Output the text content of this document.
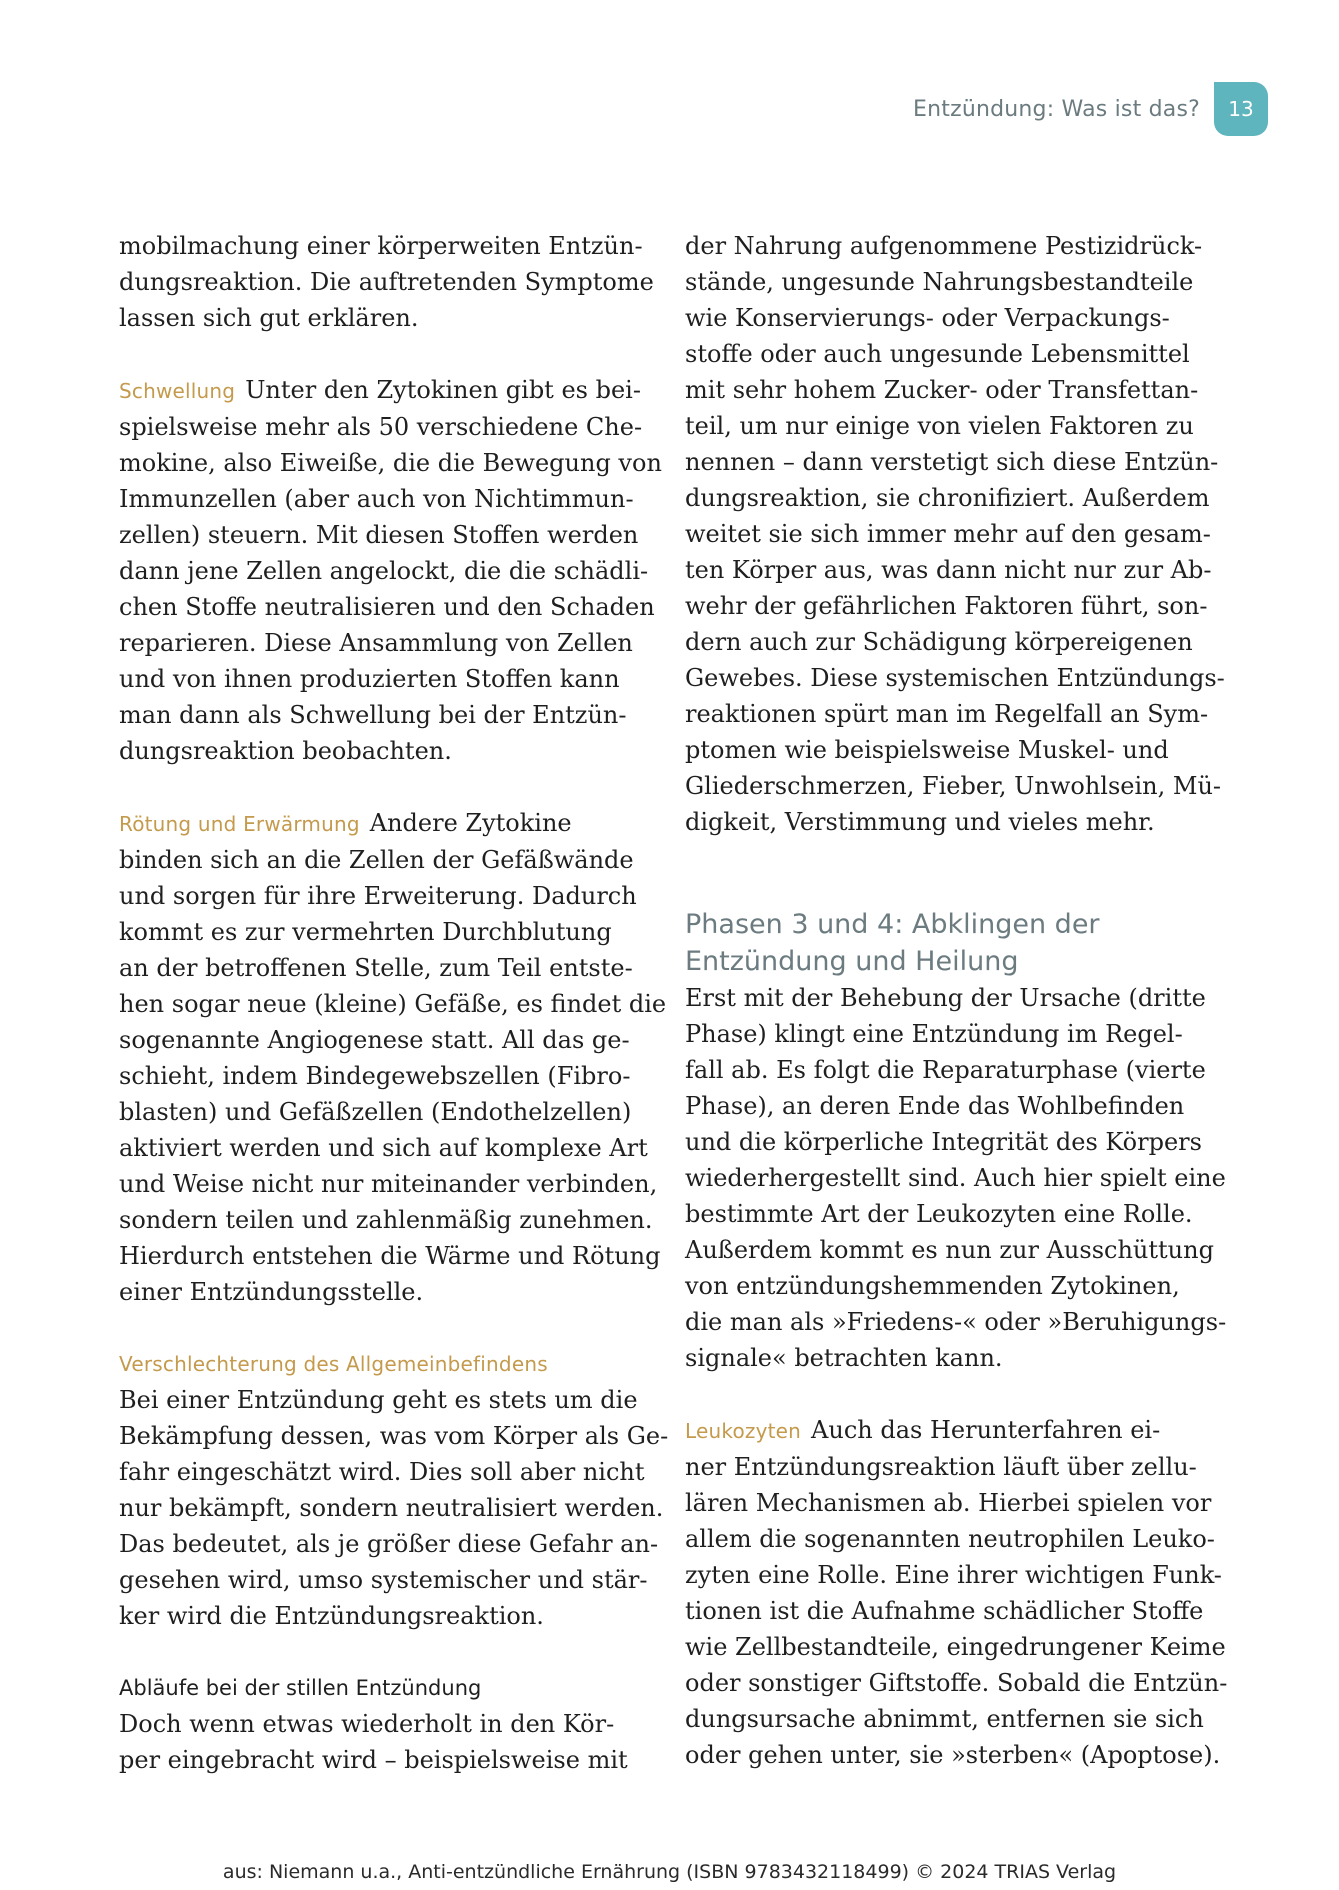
Entzündung: Was ist das?	13
mobilmachung einer körperweiten Entzün-
dungsreaktion. Die auftretenden Symptome
lassen sich gut erklären.
Schwellung Unter den Zytokinen gibt es bei-
spielsweise mehr als 50 verschiedene Che-
mokine, also Eiweiße, die die Bewegung von
Immunzellen (aber auch von Nichtimmun-
zellen) steuern. Mit diesen Stoffen werden
dann jene Zellen angelockt, die die schädli-
chen Stoffe neutralisieren und den Schaden
reparieren. Diese Ansammlung von Zellen
und von ihnen produzierten Stoffen kann
man dann als Schwellung bei der Entzün-
dungsreaktion beobachten.
Rötung und Erwärmung Andere Zytokine
binden sich an die Zellen der Gefäßwände
und sorgen für ihre Erweiterung. Dadurch
kommt es zur vermehrten Durchblutung
an der betroffenen Stelle, zum Teil entste-
hen sogar neue (kleine) Gefäße, es findet die
sogenannte Angiogenese statt. All das ge-
schieht, indem Bindegewebszellen (Fibro-
blasten) und Gefäßzellen (Endothelzellen)
aktiviert werden und sich auf komplexe Art
und Weise nicht nur miteinander verbinden,
sondern teilen und zahlenmäßig zunehmen.
Hierdurch entstehen die Wärme und Rötung
einer Entzündungsstelle.
Verschlechterung des Allgemeinbefindens
Bei einer Entzündung geht es stets um die
Bekämpfung dessen, was vom Körper als Ge-
fahr eingeschätzt wird. Dies soll aber nicht
nur bekämpft, sondern neutralisiert werden.
Das bedeutet, als je größer diese Gefahr an-
gesehen wird, umso systemischer und stär-
ker wird die Entzündungsreaktion.
Abläufe bei der stillen Entzündung
Doch wenn etwas wiederholt in den Kör-
per eingebracht wird – beispielsweise mit
der Nahrung aufgenommene Pestizidrück-
stände, ungesunde Nahrungsbestandteile
wie Konservierungs- oder Verpackungs-
stoffe oder auch ungesunde Lebensmittel
mit sehr hohem Zucker- oder Transfettan-
teil, um nur einige von vielen Faktoren zu
nennen – dann verstetigt sich diese Entzün-
dungsreaktion, sie chronifiziert. Außerdem
weitet sie sich immer mehr auf den gesam-
ten Körper aus, was dann nicht nur zur Ab-
wehr der gefährlichen Faktoren führt, son-
dern auch zur Schädigung körpereigenen
Gewebes. Diese systemischen Entzündungs-
reaktionen spürt man im Regelfall an Sym-
ptomen wie beispielsweise Muskel- und
Gliederschmerzen, Fieber, Unwohlsein, Mü-
digkeit, Verstimmung und vieles mehr.
Phasen 3 und 4: Abklingen der
Entzündung und Heilung
Erst mit der Behebung der Ursache (dritte
Phase) klingt eine Entzündung im Regel-
fall ab. Es folgt die Reparaturphase (vierte
Phase), an deren Ende das Wohlbefinden
und die körperliche Integrität des Körpers
wiederhergestellt sind. Auch hier spielt eine
bestimmte Art der Leukozyten eine Rolle.
Außerdem kommt es nun zur Ausschüttung
von entzündungshemmenden Zytokinen,
die man als »Friedens-« oder »Beruhigungs-
signale« betrachten kann.
Leukozyten Auch das Herunterfahren ei-
ner Entzündungsreaktion läuft über zellu-
lären Mechanismen ab. Hierbei spielen vor
allem die sogenannten neutrophilen Leuko-
zyten eine Rolle. Eine ihrer wichtigen Funk-
tionen ist die Aufnahme schädlicher Stoffe
wie Zellbestandteile, eingedrungener Keime
oder sonstiger Giftstoffe. Sobald die Entzün-
dungsursache abnimmt, entfernen sie sich
oder gehen unter, sie »sterben« (Apoptose).
aus: Niemann u.a., Anti-entzündliche Ernährung (ISBN 9783432118499) © 2024 TRIAS Verlag
